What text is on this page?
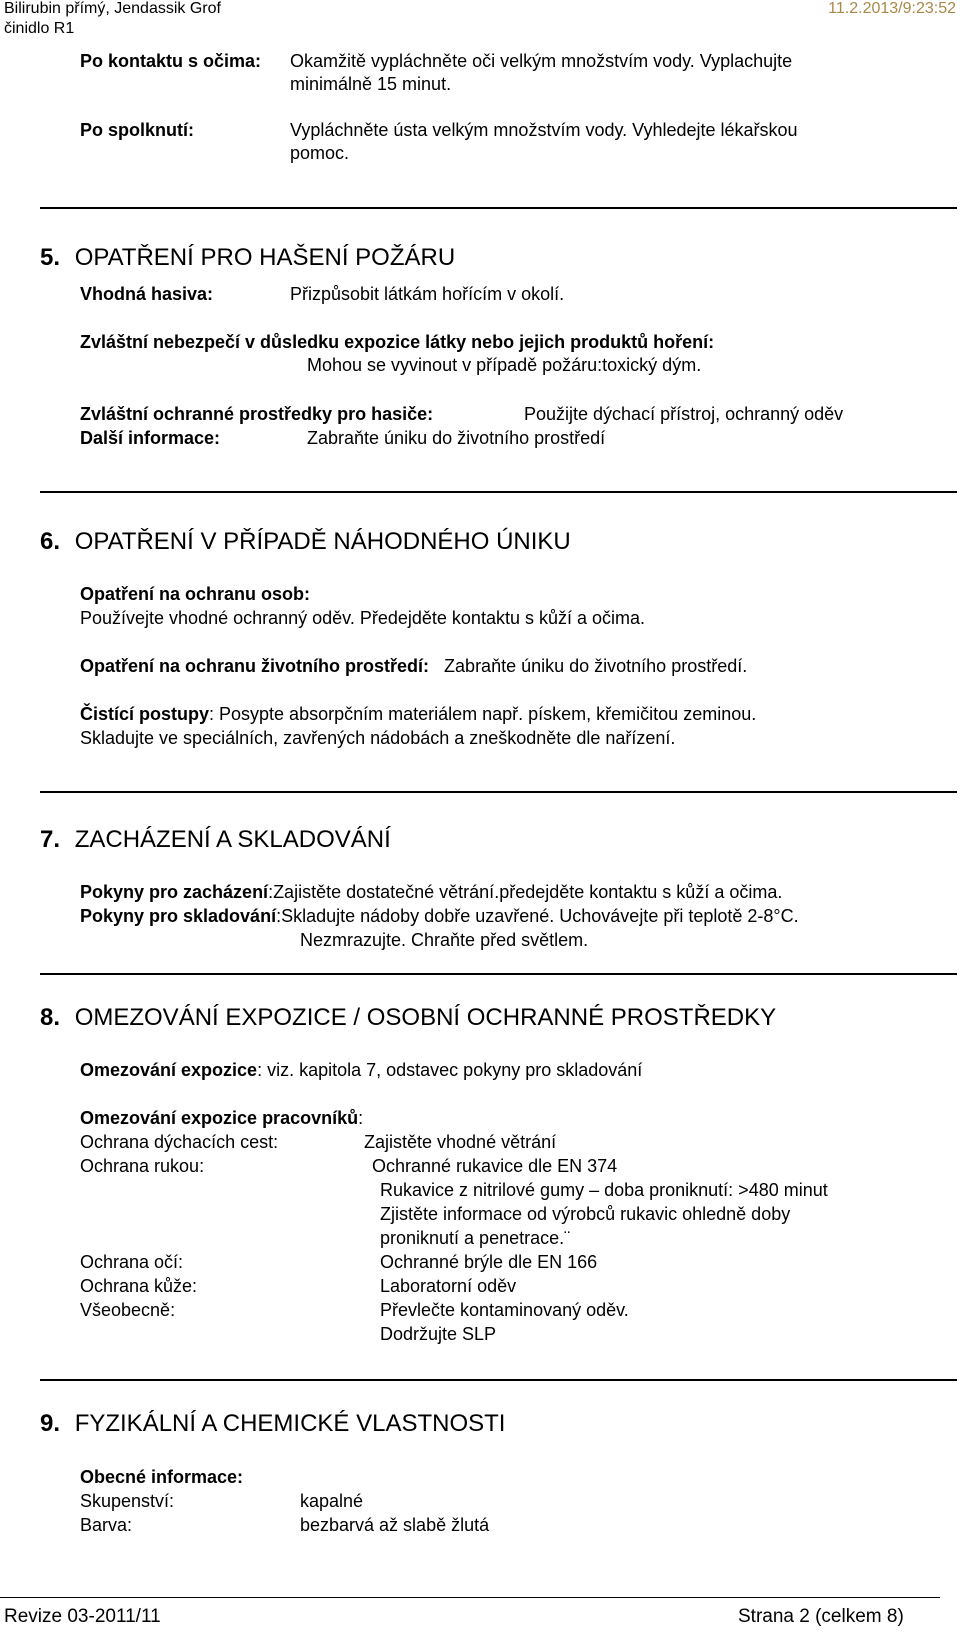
Bilirubin přímý, Jendassik Grof
činidlo R1
11.2.2013/9:23:52
Po kontaktu s očima: Okamžitě vypláchněte oči velkým množstvím vody. Vyplachujte
minimálně 15 minut.
Po spolknutí:	Vypláchněte ústa velkým množstvím vody. Vyhledejte lékařskou
pomoc.
5. OPATŘENÍ PRO HAŠENÍ POŽÁRU
Vhodná hasiva:	Přizpůsobit látkám hořícím v okolí.
Zvláštní nebezpečí v důsledku expozice látky nebo jejich produktů hoření:
Mohou se vyvinout v případě požáru:toxický dým.
Zvláštní ochranné prostředky pro hasiče:	Použijte dýchací přístroj, ochranný oděv
Další informace:	Zabraňte úniku do životního prostředí
6. OPATŘENÍ V PŘÍPADĚ NÁHODNÉHO ÚNIKU
Opatření na ochranu osob:
Používejte vhodné ochranný oděv. Předejděte kontaktu s kůží a očima.
Opatření na ochranu životního prostředí: Zabraňte úniku do životního prostředí.
Čistící postupy: Posypte absorpčním materiálem např. pískem, křemičitou zeminou.
Skladujte ve speciálních, zavřených nádobách a zneškodněte dle nařízení.
7. ZACHÁZENÍ A SKLADOVÁNÍ
Pokyny pro zacházení:Zajistěte dostatečné větrání.předejděte kontaktu s kůží a očima.
Pokyny pro skladování:Skladujte nádoby dobře uzavřené. Uchovávejte při teplotě 2-8°C.
Nezmrazujte. Chraňte před světlem.
8. OMEZOVÁNÍ EXPOZICE / OSOBNÍ OCHRANNÉ PROSTŘEDKY
Omezování expozice: viz. kapitola 7, odstavec pokyny pro skladování
Omezování expozice pracovníků:
Ochrana dýchacích cest:	Zajistěte vhodné větrání
Ochrana rukou:	Ochranné rukavice dle EN 374
Rukavice z nitrilové gumy – doba proniknutí: >480 minut
Zjistěte informace od výrobců rukavic ohledně doby
proniknutí a penetrace.¨
Ochrana očí:	Ochranné brýle dle EN 166
Ochrana kůže:	Laboratorní oděv
Všeobecně:	Převlečte kontaminovaný oděv.
Dodržujte SLP
9. FYZIKÁLNÍ A CHEMICKÉ VLASTNOSTI
Obecné informace:
Skupenství:	kapalné
Barva:	bezbarvá až slabě žlutá
Revize 03-2011/11	Strana 2 (celkem 8)
